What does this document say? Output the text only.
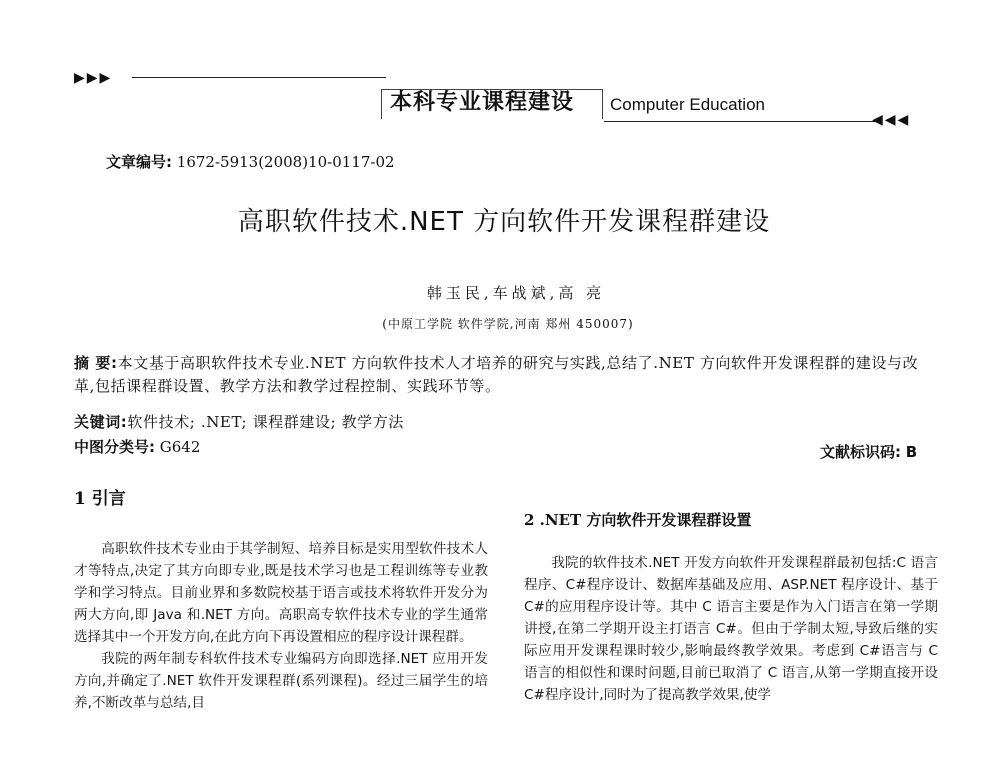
▶▶▶
本科专业课程建设 Computer Education
◀◀◀
文章编号: 1672-5913(2008)10-0117-02
高职软件技术.NET 方向软件开发课程群建设
韩玉民,车战斌,高 亮
(中原工学院 软件学院,河南 郑州 450007)
摘 要:本文基于高职软件技术专业.NET 方向软件技术人才培养的研究与实践,总结了.NET 方向软件开发课程群的建设与改革,包括课程群设置、教学方法和教学过程控制、实践环节等。
关键词:软件技术; .NET; 课程群建设; 教学方法
中图分类号: G642	文献标识码: B
1 引言

高职软件技术专业由于其学制短、培养目标是实用型软件技术人才等特点,决定了其方向即专业,既是技术学习也是工程训练等专业教学和学习特点。目前业界和多数院校基于语言或技术将软件开发分为两大方向,即 Java 和.NET 方向。高职高专软件技术专业的学生通常选择其中一个开发方向,在此方向下再设置相应的程序设计课程群。

我院的两年制专科软件技术专业编码方向即选择.NET 应用开发方向,并确定了.NET 软件开发课程群(系列课程)。经过三届学生的培养,不断改革与总结,目

2 .NET 方向软件开发课程群设置

我院的软件技术.NET 开发方向软件开发课程群最初包括:C 语言程序、C#程序设计、数据库基础及应用、ASP.NET 程序设计、基于 C#的应用程序设计等。其中 C 语言主要是作为入门语言在第一学期讲授,在第二学期开设主打语言 C#。但由于学制太短,导致后继的实际应用开发课程课时较少,影响最终教学效果。考虑到 C#语言与 C 语言的相似性和课时问题,目前已取消了 C 语言,从第一学期直接开设 C#程序设计,同时为了提高教学效果,使学
